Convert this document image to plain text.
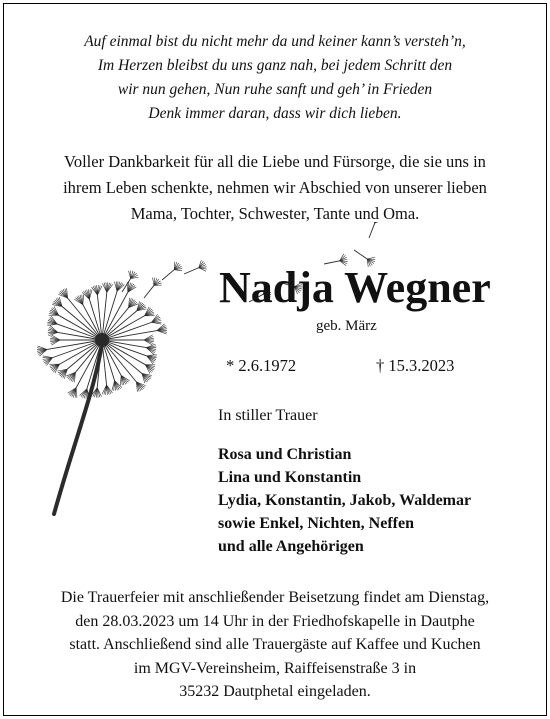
Auf einmal bist du nicht mehr da und keiner kann’s versteh’n,
Im Herzen bleibst du uns ganz nah, bei jedem Schritt den
wir nun gehen, Nun ruhe sanft und geh’ in Frieden
Denk immer daran, dass wir dich lieben.
Voller Dankbarkeit für all die Liebe und Fürsorge, die sie uns in
ihrem Leben schenkte, nehmen wir Abschied von unserer lieben
Mama, Tochter, Schwester, Tante und Oma.
Nadja Wegner
geb. März
* 2.6.1972	† 15.3.2023
In stiller Trauer
Rosa und Christian
Lina und Konstantin
Lydia, Konstantin, Jakob, Waldemar
sowie Enkel, Nichten, Neffen
und alle Angehörigen
Die Trauerfeier mit anschließender Beisetzung findet am Dienstag,
den 28.03.2023 um 14 Uhr in der Friedhofskapelle in Dautphe
statt. Anschließend sind alle Trauergäste auf Kaffee und Kuchen
im MGV-Vereinsheim, Raiffeisenstraße 3 in
35232 Dautphetal eingeladen.
